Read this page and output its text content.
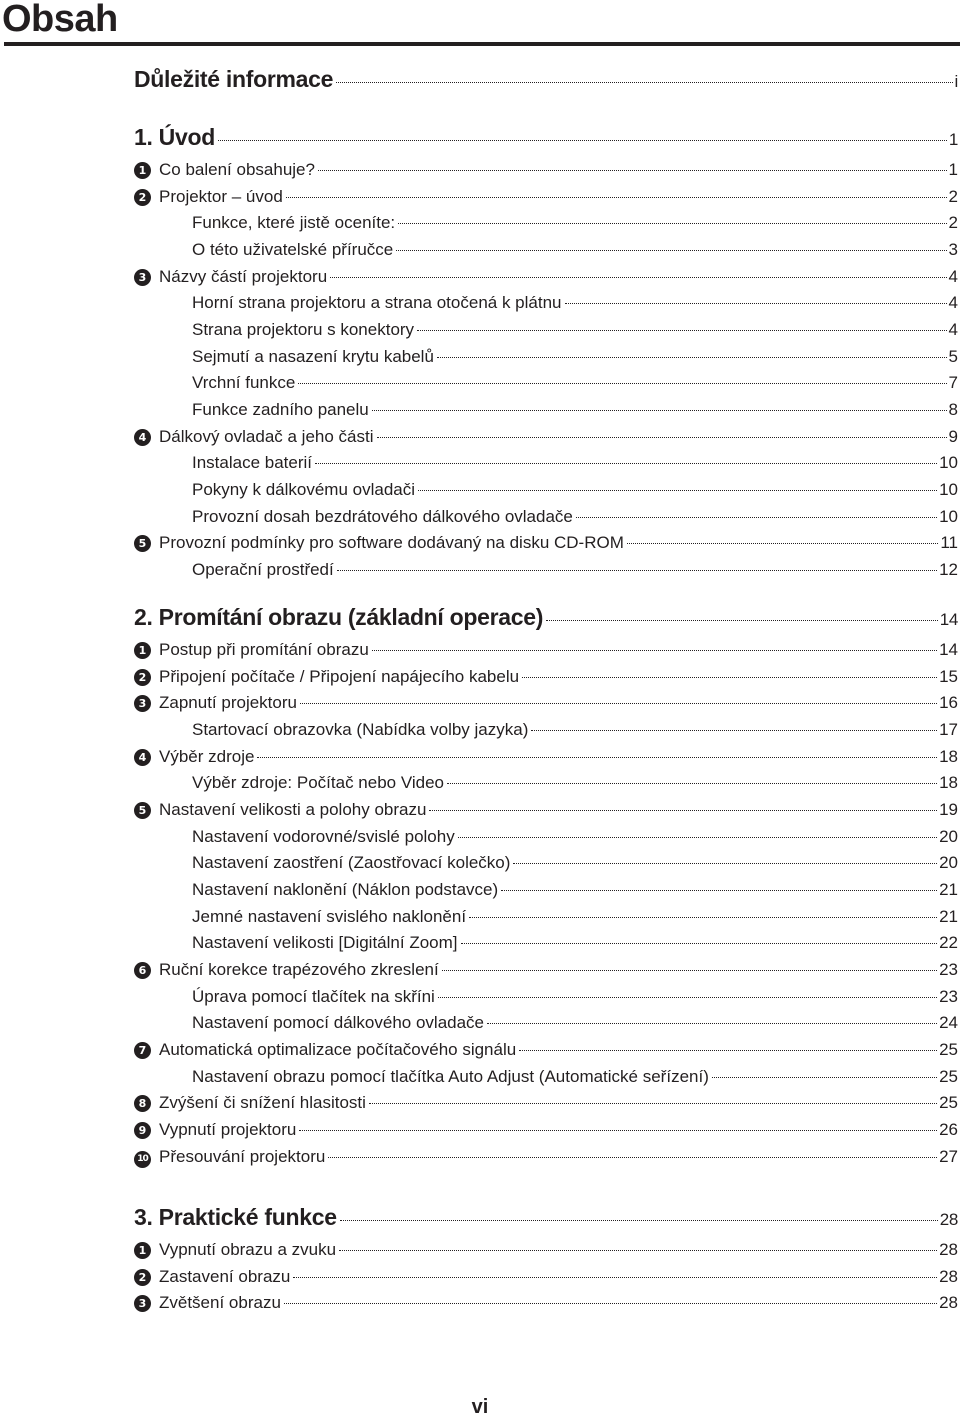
Obsah
Důležité informace	i
1. Úvod	1
1 Co balení obsahuje?	1
2 Projektor – úvod	2
Funkce, které jistě oceníte:	2
O této uživatelské příručce	3
3 Názvy částí projektoru	4
Horní strana projektoru a strana otočená k plátnu	4
Strana projektoru s konektory	4
Sejmutí a nasazení krytu kabelů	5
Vrchní funkce	7
Funkce zadního panelu	8
4 Dálkový ovladač a jeho části	9
Instalace baterií	10
Pokyny k dálkovému ovladači	10
Provozní dosah bezdrátového dálkového ovladače	10
5 Provozní podmínky pro software dodávaný na disku CD-ROM	11
Operační prostředí	12
2. Promítání obrazu (základní operace)	14
1 Postup při promítání obrazu	14
2 Připojení počítače / Připojení napájecího kabelu	15
3 Zapnutí projektoru	16
Startovací obrazovka (Nabídka volby jazyka)	17
4 Výběr zdroje	18
Výběr zdroje: Počítač nebo Video	18
5 Nastavení velikosti a polohy obrazu	19
Nastavení vodorovné/svislé polohy	20
Nastavení zaostření (Zaostřovací kolečko)	20
Nastavení naklonění (Náklon podstavce)	21
Jemné nastavení svislého naklonění	21
Nastavení velikosti [Digitální Zoom]	22
6 Ruční korekce trapézového zkreslení	23
Úprava pomocí tlačítek na skříni	23
Nastavení pomocí dálkového ovladače	24
7 Automatická optimalizace počítačového signálu	25
Nastavení obrazu pomocí tlačítka Auto Adjust (Automatické seřízení)	25
8 Zvýšení či snížení hlasitosti	25
9 Vypnutí projektoru	26
10 Přesouvání projektoru	27
3. Praktické funkce	28
1 Vypnutí obrazu a zvuku	28
2 Zastavení obrazu	28
3 Zvětšení obrazu	28
vi
